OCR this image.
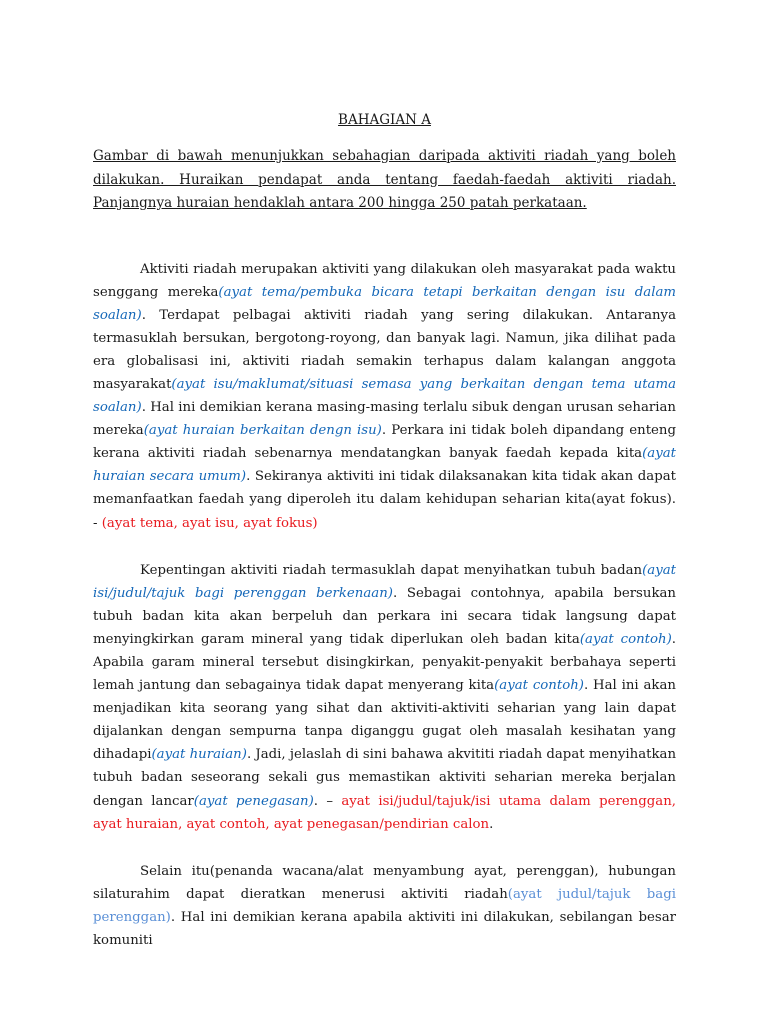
BAHAGIAN A

Gambar di bawah menunjukkan sebahagian daripada aktiviti riadah yang boleh dilakukan. Huraikan pendapat anda tentang faedah-faedah aktiviti riadah. Panjangnya huraian hendaklah antara 200 hingga 250 patah perkataan.

Aktiviti riadah merupakan aktiviti yang dilakukan oleh masyarakat pada waktu senggang mereka(ayat tema/pembuka bicara tetapi berkaitan dengan isu dalam soalan). Terdapat pelbagai aktiviti riadah yang sering dilakukan. Antaranya termasuklah bersukan, bergotong-royong, dan banyak lagi. Namun, jika dilihat pada era globalisasi ini, aktiviti riadah semakin terhapus dalam kalangan anggota masyarakat(ayat isu/maklumat/situasi semasa yang berkaitan dengan tema utama soalan). Hal ini demikian kerana masing-masing terlalu sibuk dengan urusan seharian mereka(ayat huraian berkaitan dengn isu). Perkara ini tidak boleh dipandang enteng kerana aktiviti riadah sebenarnya mendatangkan banyak faedah kepada kita(ayat huraian secara umum). Sekiranya aktiviti ini tidak dilaksanakan kita tidak akan dapat memanfaatkan faedah yang diperoleh itu dalam kehidupan seharian kita(ayat fokus). - (ayat tema, ayat isu, ayat fokus)

Kepentingan aktiviti riadah termasuklah dapat menyihatkan tubuh badan(ayat isi/judul/tajuk bagi perenggan berkenaan). Sebagai contohnya, apabila bersukan tubuh badan kita akan berpeluh dan perkara ini secara tidak langsung dapat menyingkirkan garam mineral yang tidak diperlukan oleh badan kita(ayat contoh). Apabila garam mineral tersebut disingkirkan, penyakit-penyakit berbahaya seperti lemah jantung dan sebagainya tidak dapat menyerang kita(ayat contoh). Hal ini akan menjadikan kita seorang yang sihat dan aktiviti-aktiviti seharian yang lain dapat dijalankan dengan sempurna tanpa diganggu gugat oleh masalah kesihatan yang dihadapi(ayat huraian). Jadi, jelaslah di sini bahawa akvititi riadah dapat menyihatkan tubuh badan seseorang sekali gus memastikan aktiviti seharian mereka berjalan dengan lancar(ayat penegasan). – ayat isi/judul/tajuk/isi utama dalam perenggan, ayat huraian, ayat contoh, ayat penegasan/pendirian calon.

Selain itu(penanda wacana/alat menyambung ayat, perenggan), hubungan silaturahim dapat dieratkan menerusi aktiviti riadah(ayat judul/tajuk bagi perenggan). Hal ini demikian kerana apabila aktiviti ini dilakukan, sebilangan besar komuniti
